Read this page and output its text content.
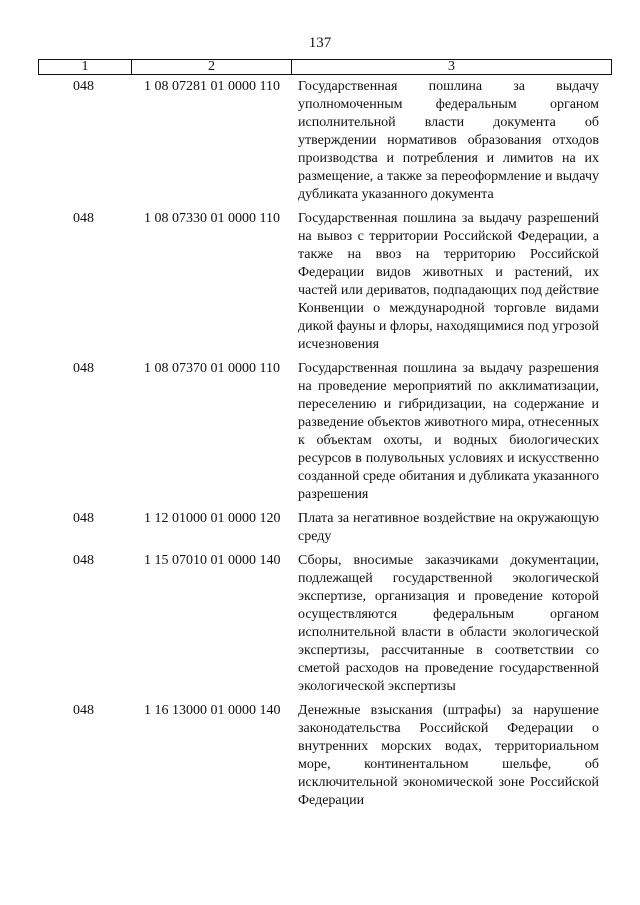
137
1	2	3
048	1 08 07281 01 0000 110	Государственная пошлина за выдачу уполномоченным федеральным органом исполнительной власти документа об утверждении нормативов образования отходов производства и потребления и лимитов на их размещение, а также за переоформление и выдачу дубликата указанного документа
048	1 08 07330 01 0000 110	Государственная пошлина за выдачу разрешений на вывоз с территории Российской Федерации, а также на ввоз на территорию Российской Федерации видов животных и растений, их частей или дериватов, подпадающих под действие Конвенции о международной торговле видами дикой фауны и флоры, находящимися под угрозой исчезновения
048	1 08 07370 01 0000 110	Государственная пошлина за выдачу разрешения на проведение мероприятий по акклиматизации, переселению и гибридизации, на содержание и разведение объектов животного мира, отнесенных к объектам охоты, и водных биологических ресурсов в полувольных условиях и искусственно созданной среде обитания и дубликата указанного разрешения
048	1 12 01000 01 0000 120	Плата за негативное воздействие на окружающую среду
048	1 15 07010 01 0000 140	Сборы, вносимые заказчиками документации, подлежащей государственной экологической экспертизе, организация и проведение которой осуществляются федеральным органом исполнительной власти в области экологической экспертизы, рассчитанные в соответствии со сметой расходов на проведение государственной экологической экспертизы
048	1 16 13000 01 0000 140	Денежные взыскания (штрафы) за нарушение законодательства Российской Федерации о внутренних морских водах, территориальном море, континентальном шельфе, об исключительной экономической зоне Российской Федерации
